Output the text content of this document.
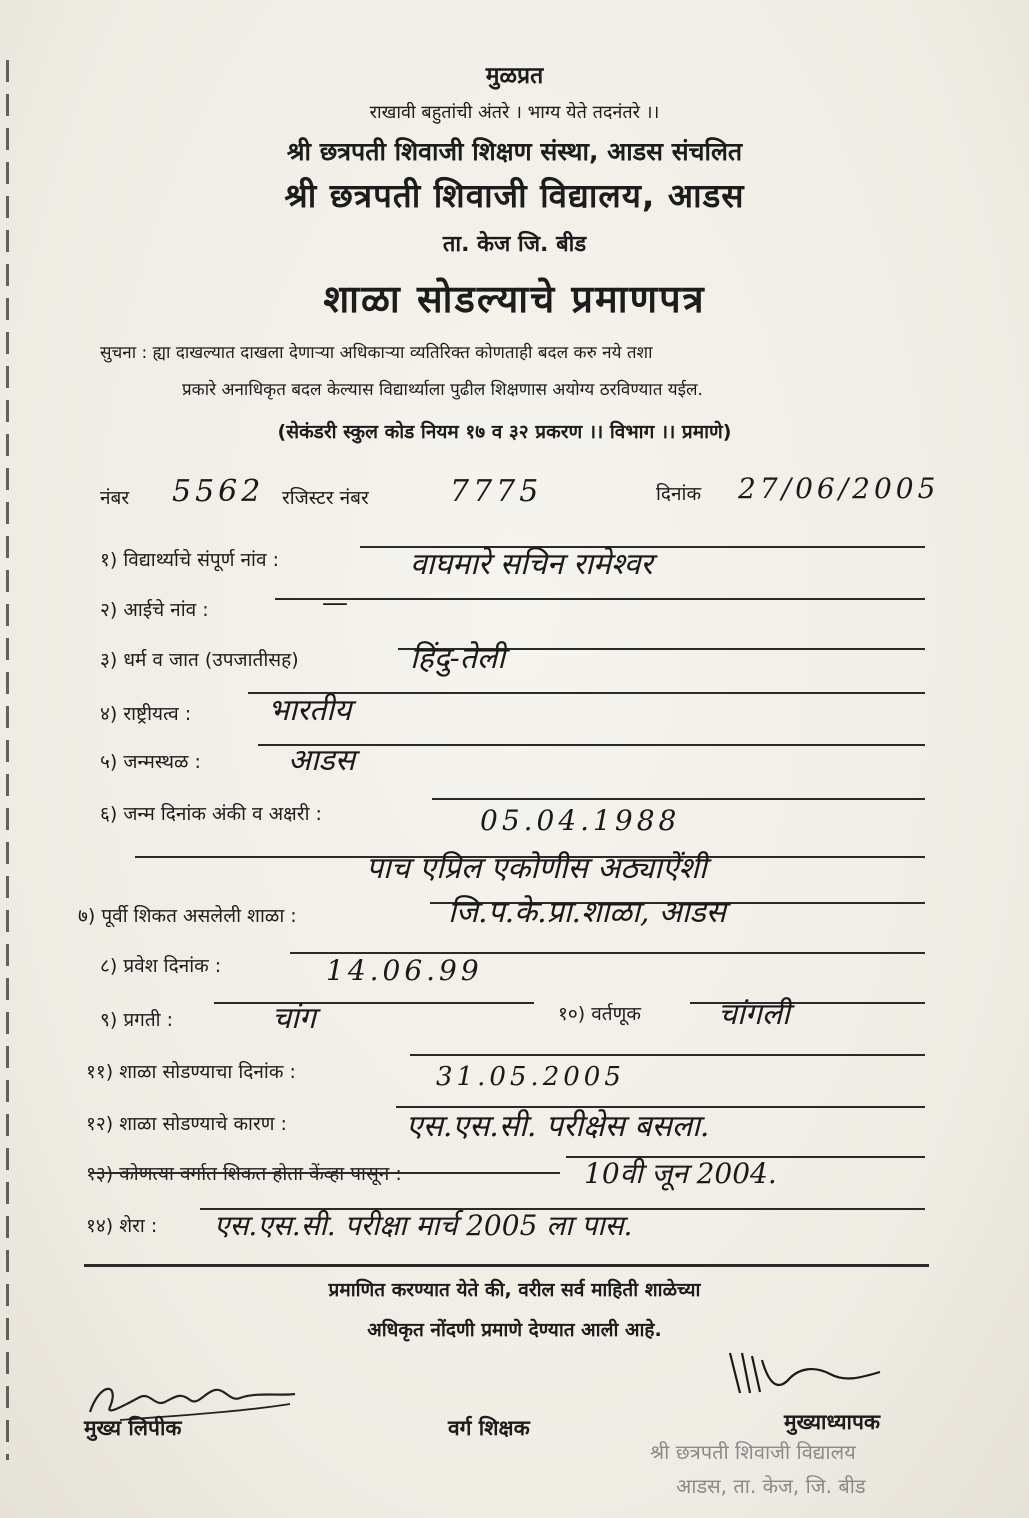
मुळप्रत
राखावी बहुतांची अंतरे । भाग्य येते तदनंतरे ।।
श्री छत्रपती शिवाजी शिक्षण संस्था, आडस संचलित
श्री छत्रपती शिवाजी विद्यालय, आडस
ता. केज जि. बीड
शाळा सोडल्याचे प्रमाणपत्र
सुचना : ह्या दाखल्यात दाखला देणाऱ्या अधिकाऱ्या व्यतिरिक्त कोणताही बदल करु नये तशा
प्रकारे अनाधिकृत बदल केल्यास विद्यार्थ्याला पुढील शिक्षणास अयोग्य ठरविण्यात यईल.
(सेकंडरी स्कुल कोड नियम १७ व ३२ प्रकरण ।। विभाग ।। प्रमाणे)
नंबर 5562 रजिस्टर नंबर	7775	दिनांक 27/06/2005
१) विद्यार्थ्याचे संपूर्ण नांव :	वाघमारे सचिन रामेश्वर
२) आईचे नांव :	—
३) धर्म व जात (उपजातीसह)	हिंदु-तेली
४) राष्ट्रीयत्व :	भारतीय
५) जन्मस्थळ :	आडस
६) जन्म दिनांक अंकी व अक्षरी :	05.04.1988
पाच एप्रिल एकोणीस अठ्याऐंशी
७) पूर्वी शिकत असलेली शाळा :	जि.प.के.प्रा.शाळा, आडस
८) प्रवेश दिनांक :	14.06.99
९) प्रगती :	चांग	१०) वर्तणूक	चांगली
११) शाळा सोडण्याचा दिनांक :	31.05.2005
१२) शाळा सोडण्याचे कारण :	एस.एस.सी. परीक्षेस बसला.
१३) कोणत्या वर्गात शिकत होता केंव्हा पासून :	10वी जून 2004.
१४) शेरा : एस.एस.सी. परीक्षा मार्च 2005 ला पास.
प्रमाणित करण्यात येते की, वरील सर्व माहिती शाळेच्या
अधिकृत नोंदणी प्रमाणे देण्यात आली आहे.
मुख्य लिपीक	वर्ग शिक्षक	मुख्याध्यापक
श्री छत्रपती शिवाजी विद्यालय
आडस, ता. केज, जि. बीड
